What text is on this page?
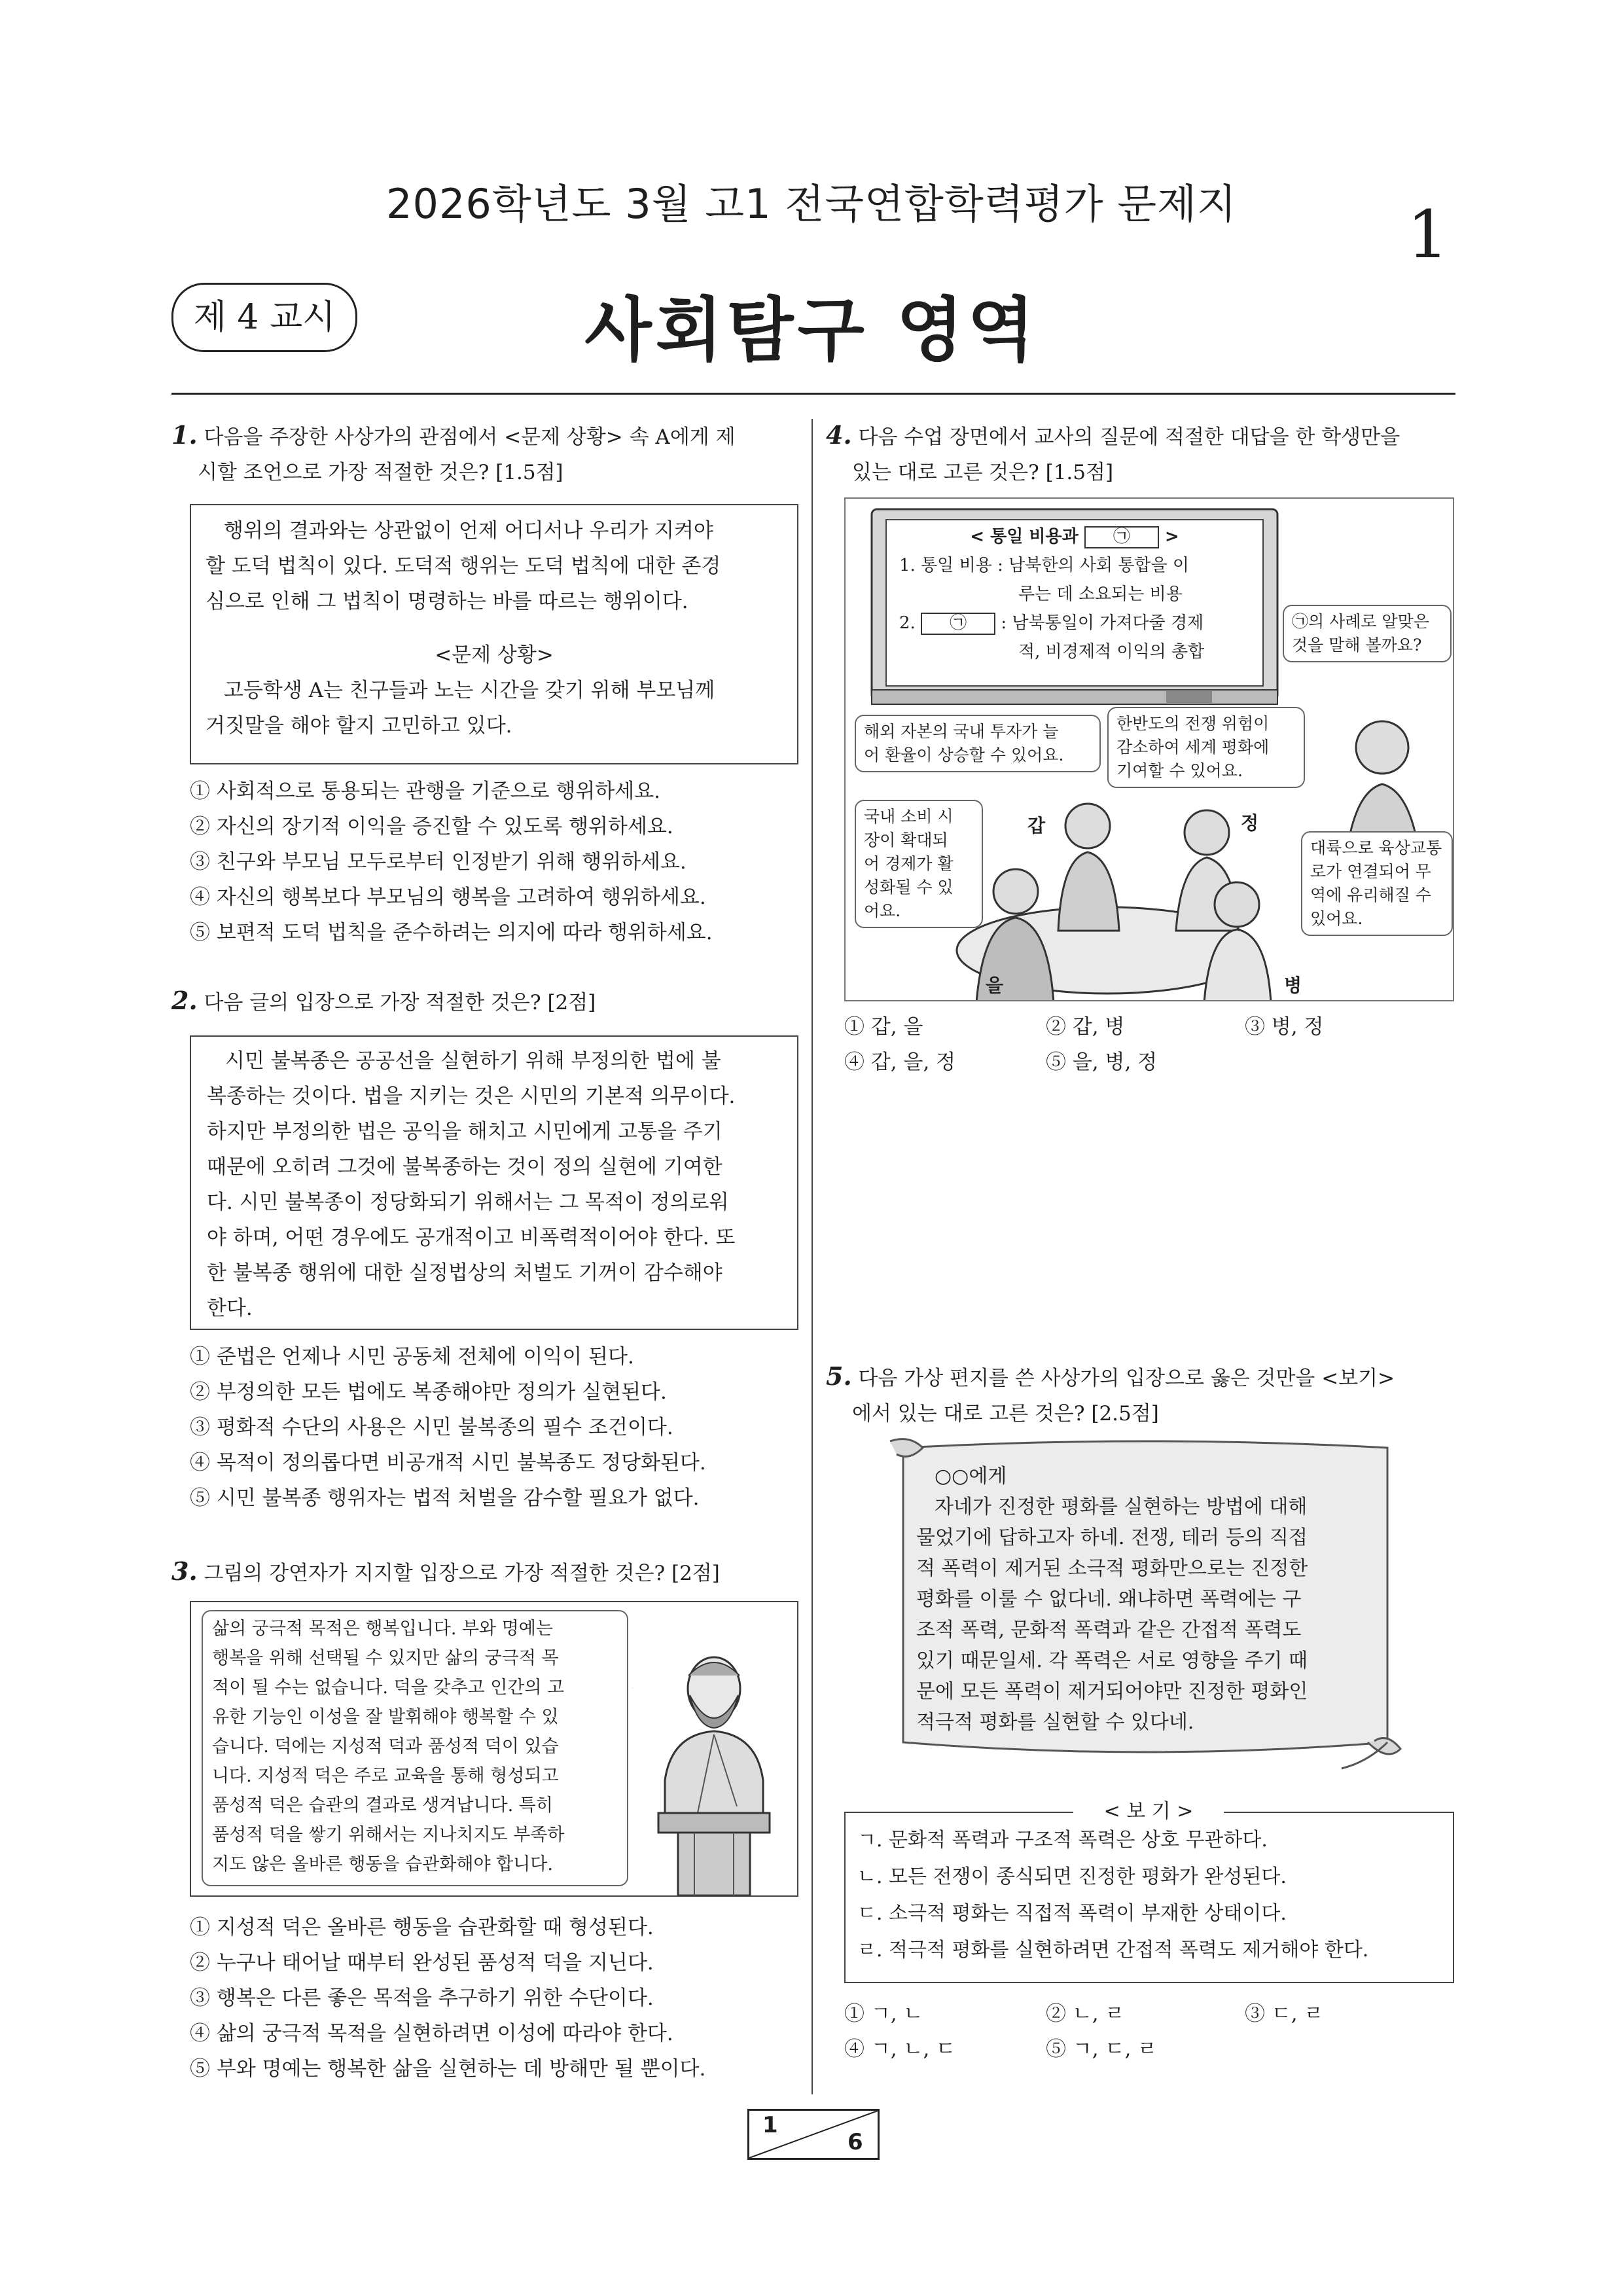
2026학년도 3월 고1 전국연합학력평가 문제지	1
제 4 교시	사회탐구 영역
1. 다음을 주장한 사상가의 관점에서 <문제 상황> 속 A에게 제
시할 조언으로 가장 적절한 것은? [1.5점]
행위의 결과와는 상관없이 언제 어디서나 우리가 지켜야
할 도덕 법칙이 있다. 도덕적 행위는 도덕 법칙에 대한 존경
심으로 인해 그 법칙이 명령하는 바를 따르는 행위이다.
<문제 상황>
고등학생 A는 친구들과 노는 시간을 갖기 위해 부모님께
거짓말을 해야 할지 고민하고 있다.
① 사회적으로 통용되는 관행을 기준으로 행위하세요.
② 자신의 장기적 이익을 증진할 수 있도록 행위하세요.
③ 친구와 부모님 모두로부터 인정받기 위해 행위하세요.
④ 자신의 행복보다 부모님의 행복을 고려하여 행위하세요.
⑤ 보편적 도덕 법칙을 준수하려는 의지에 따라 행위하세요.
2. 다음 글의 입장으로 가장 적절한 것은? [2점]
시민 불복종은 공공선을 실현하기 위해 부정의한 법에 불
복종하는 것이다. 법을 지키는 것은 시민의 기본적 의무이다.
하지만 부정의한 법은 공익을 해치고 시민에게 고통을 주기
때문에 오히려 그것에 불복종하는 것이 정의 실현에 기여한
다. 시민 불복종이 정당화되기 위해서는 그 목적이 정의로워
야 하며, 어떤 경우에도 공개적이고 비폭력적이어야 한다. 또
한 불복종 행위에 대한 실정법상의 처벌도 기꺼이 감수해야
한다.
① 준법은 언제나 시민 공동체 전체에 이익이 된다.
② 부정의한 모든 법에도 복종해야만 정의가 실현된다.
③ 평화적 수단의 사용은 시민 불복종의 필수 조건이다.
④ 목적이 정의롭다면 비공개적 시민 불복종도 정당화된다.
⑤ 시민 불복종 행위자는 법적 처벌을 감수할 필요가 없다.
3. 그림의 강연자가 지지할 입장으로 가장 적절한 것은? [2점]
삶의 궁극적 목적은 행복입니다. 부와 명예는
행복을 위해 선택될 수 있지만 삶의 궁극적 목
적이 될 수는 없습니다. 덕을 갖추고 인간의 고
유한 기능인 이성을 잘 발휘해야 행복할 수 있
습니다. 덕에는 지성적 덕과 품성적 덕이 있습
니다. 지성적 덕은 주로 교육을 통해 형성되고
품성적 덕은 습관의 결과로 생겨납니다. 특히
품성적 덕을 쌓기 위해서는 지나치지도 부족하
지도 않은 올바른 행동을 습관화해야 합니다.
① 지성적 덕은 올바른 행동을 습관화할 때 형성된다.
② 누구나 태어날 때부터 완성된 품성적 덕을 지닌다.
③ 행복은 다른 좋은 목적을 추구하기 위한 수단이다.
④ 삶의 궁극적 목적을 실현하려면 이성에 따라야 한다.
⑤ 부와 명예는 행복한 삶을 실현하는 데 방해만 될 뿐이다.
4. 다음 수업 장면에서 교사의 질문에 적절한 대답을 한 학생만을
있는 대로 고른 것은? [1.5점]
< 통일 비용과 ㉠ >
1. 통일 비용 : 남북한의 사회 통합을 이
루는 데 소요되는 비용
2. ㉠ : 남북통일이 가져다줄 경제
적, 비경제적 이익의 총합
㉠의 사례로 알맞은
것을 말해 볼까요?
해외 자본의 국내 투자가 늘
어 환율이 상승할 수 있어요.
한반도의 전쟁 위험이
감소하여 세계 평화에
기여할 수 있어요.
국내 소비 시
장이 확대되
어 경제가 활
성화될 수 있
어요.
대륙으로 육상교통
로가 연결되어 무
역에 유리해질 수
있어요.
갑	정
을	병
① 갑, 을	② 갑, 병	③ 병, 정
④ 갑, 을, 정	⑤ 을, 병, 정
5. 다음 가상 편지를 쓴 사상가의 입장으로 옳은 것만을 <보기>
에서 있는 대로 고른 것은? [2.5점]
○○에게
자네가 진정한 평화를 실현하는 방법에 대해
물었기에 답하고자 하네. 전쟁, 테러 등의 직접
적 폭력이 제거된 소극적 평화만으로는 진정한
평화를 이룰 수 없다네. 왜냐하면 폭력에는 구
조적 폭력, 문화적 폭력과 같은 간접적 폭력도
있기 때문일세. 각 폭력은 서로 영향을 주기 때
문에 모든 폭력이 제거되어야만 진정한 평화인
적극적 평화를 실현할 수 있다네.
ㄱ. 문화적 폭력과 구조적 폭력은 상호 무관하다.
ㄴ. 모든 전쟁이 종식되면 진정한 평화가 완성된다.
ㄷ. 소극적 평화는 직접적 폭력이 부재한 상태이다.
ㄹ. 적극적 평화를 실현하려면 간접적 폭력도 제거해야 한다.
< 보 기 >
① ㄱ, ㄴ	② ㄴ, ㄹ	③ ㄷ, ㄹ
④ ㄱ, ㄴ, ㄷ	⑤ ㄱ, ㄷ, ㄹ
1
6
